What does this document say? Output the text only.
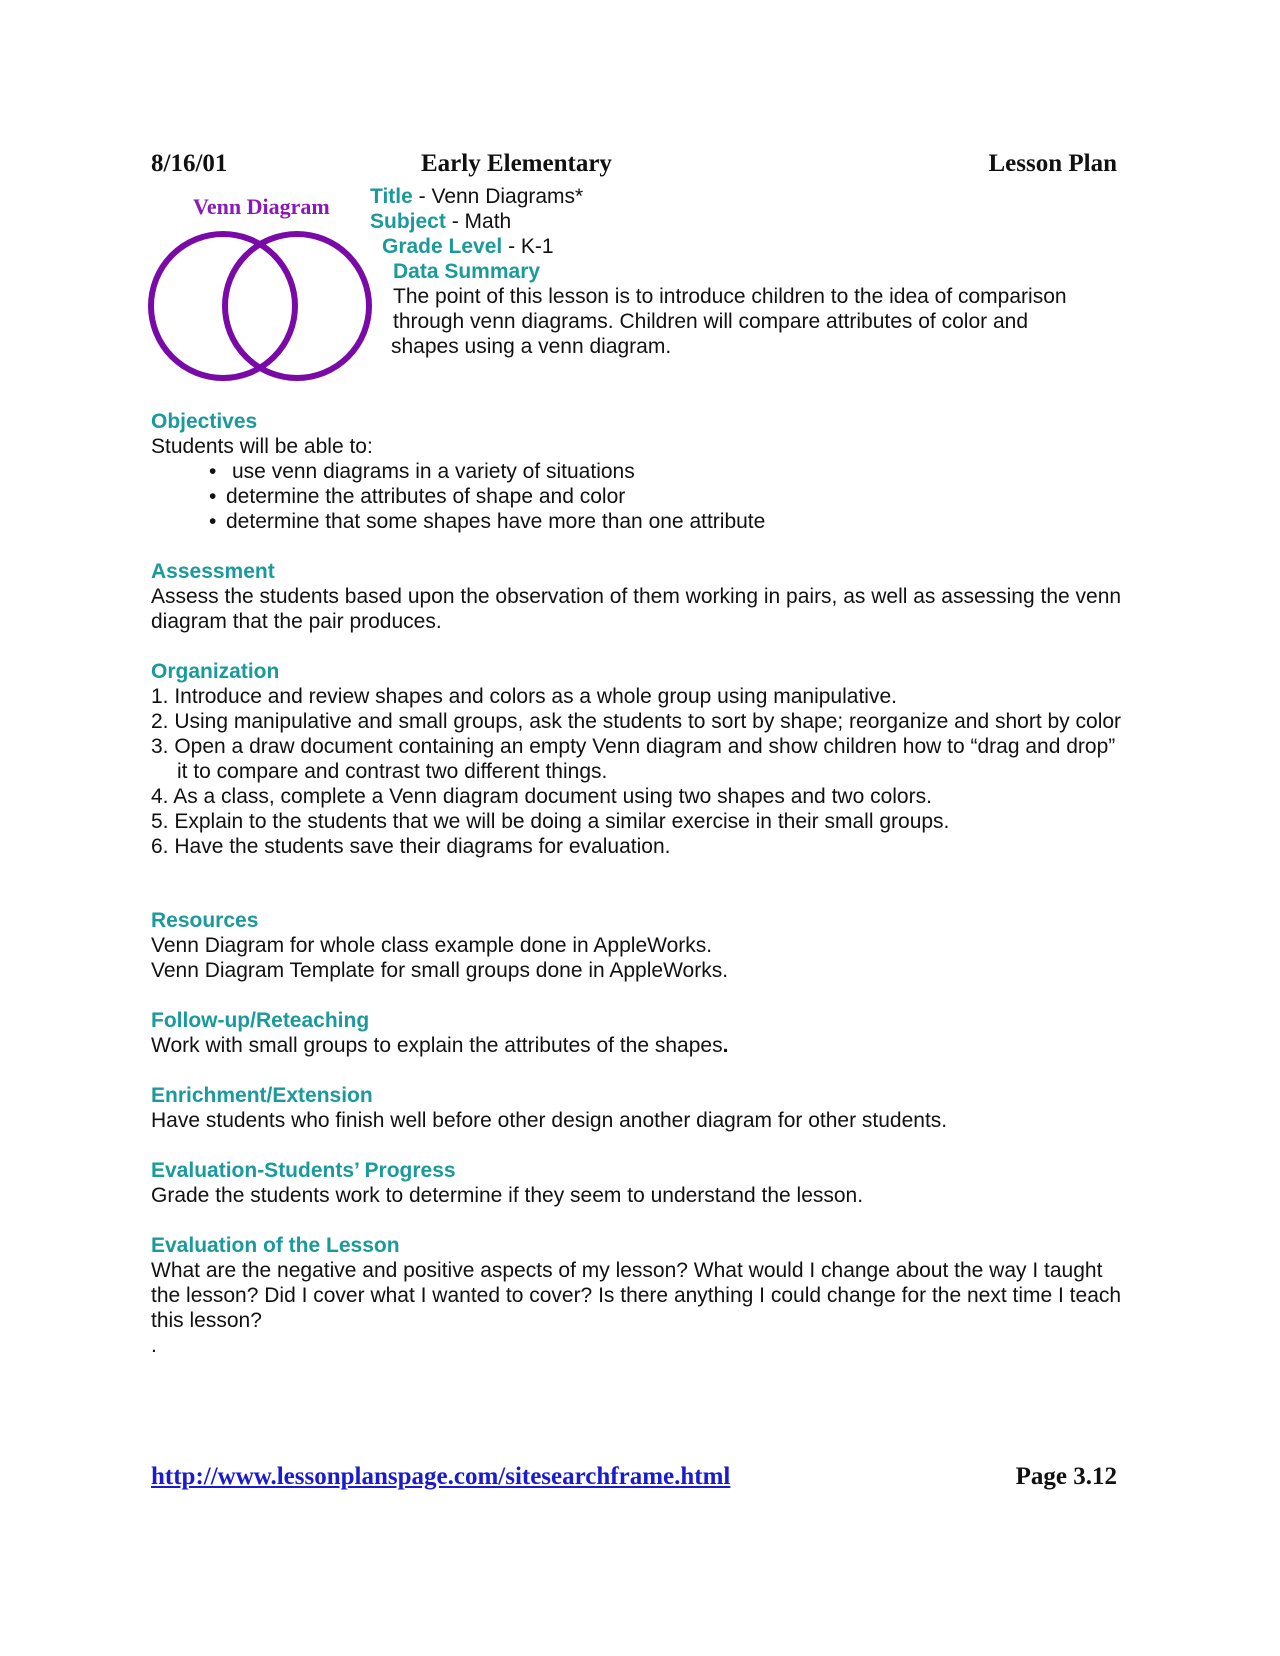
8/16/01	Early Elementary	Lesson Plan
Venn Diagram Title - Venn Diagrams*
Subject - Math
Grade Level - K-1
Data Summary
The point of this lesson is to introduce children to the idea of comparison
through venn diagrams. Children will compare attributes of color and
shapes using a venn diagram.
Objectives
Students will be able to:
• use venn diagrams in a variety of situations
• determine the attributes of shape and color
• determine that some shapes have more than one attribute
Assessment
Assess the students based upon the observation of them working in pairs, as well as assessing the venn diagram that the pair produces.
Organization
1. Introduce and review shapes and colors as a whole group using manipulative.
2. Using manipulative and small groups, ask the students to sort by shape; reorganize and short by color
3. Open a draw document containing an empty Venn diagram and show children how to “drag and drop” it to compare and contrast two different things.
4. As a class, complete a Venn diagram document using two shapes and two colors.
5. Explain to the students that we will be doing a similar exercise in their small groups.
6. Have the students save their diagrams for evaluation.
Resources
Venn Diagram for whole class example done in AppleWorks.
Venn Diagram Template for small groups done in AppleWorks.
Follow-up/Reteaching
Work with small groups to explain the attributes of the shapes.
Enrichment/Extension
Have students who finish well before other design another diagram for other students.
Evaluation-Students’ Progress
Grade the students work to determine if they seem to understand the lesson.
Evaluation of the Lesson
What are the negative and positive aspects of my lesson? What would I change about the way I taught the lesson? Did I cover what I wanted to cover? Is there anything I could change for the next time I teach this lesson?
.
http://www.lessonplanspage.com/sitesearchframe.html	Page 3.12
